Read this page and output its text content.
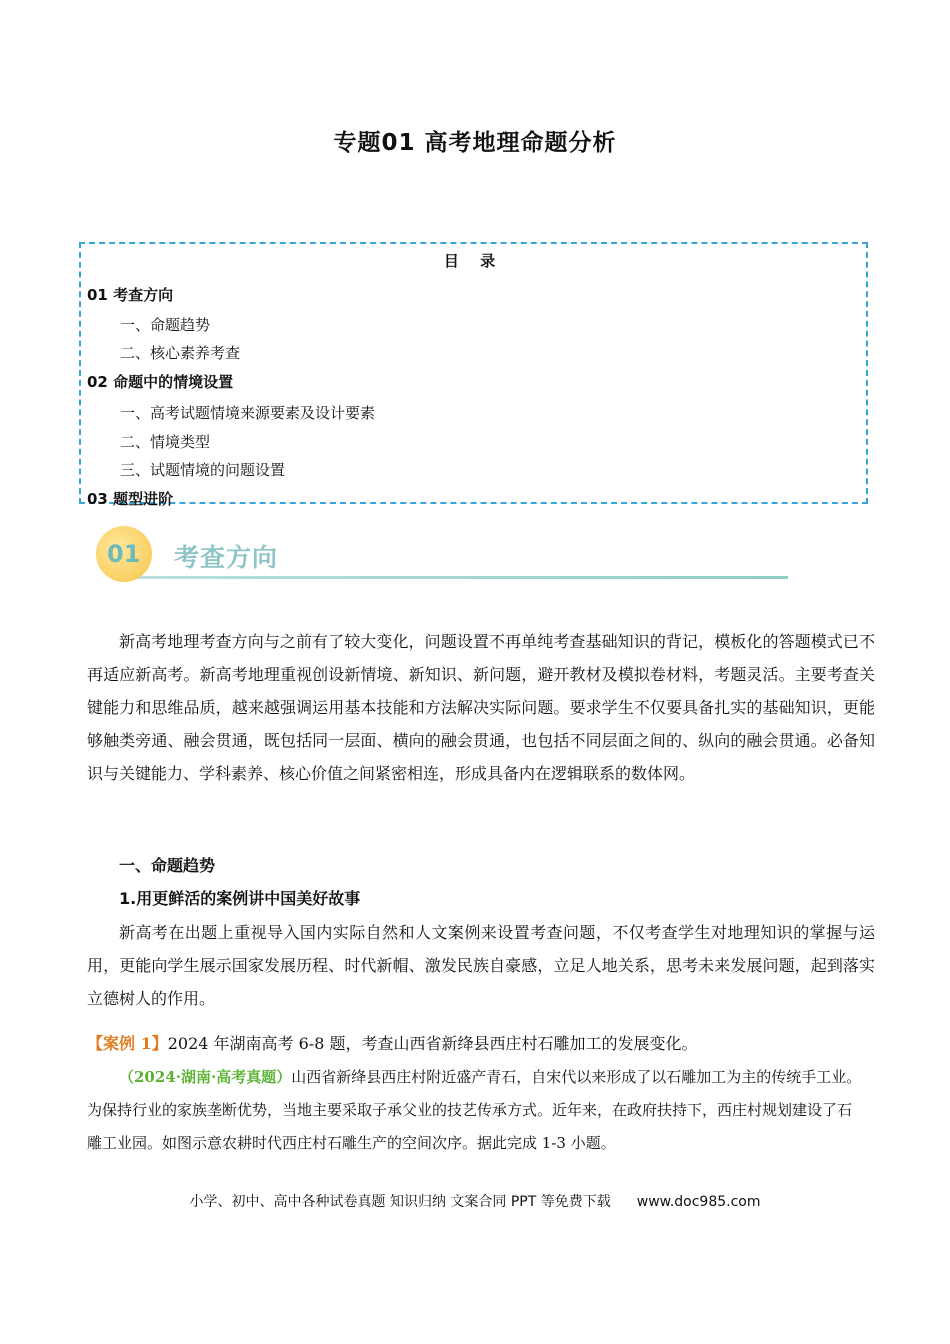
专题01 高考地理命题分析
目 录
01 考查方向
一、命题趋势
二、核心素养考查
02 命题中的情境设置
一、高考试题情境来源要素及设计要素
二、情境类型
三、试题情境的问题设置
03 题型进阶
01 考查方向
新高考地理考查方向与之前有了较大变化，问题设置不再单纯考查基础知识的背记，模板化的答题模式已不再适应新高考。新高考地理重视创设新情境、新知识、新问题，避开教材及模拟卷材料，考题灵活。主要考查关键能力和思维品质，越来越强调运用基本技能和方法解决实际问题。要求学生不仅要具备扎实的基础知识，更能够触类旁通、融会贯通，既包括同一层面、横向的融会贯通，也包括不同层面之间的、纵向的融会贯通。必备知识与关键能力、学科素养、核心价值之间紧密相连，形成具备内在逻辑联系的数体网。
一、命题趋势
1.用更鲜活的案例讲中国美好故事
新高考在出题上重视导入国内实际自然和人文案例来设置考查问题，不仅考查学生对地理知识的掌握与运用，更能向学生展示国家发展历程、时代新帽、激发民族自豪感，立足人地关系，思考未来发展问题，起到落实立德树人的作用。
【案例 1】2024 年湖南高考 6-8 题，考查山西省新绛县西庄村石雕加工的发展变化。
（2024·湖南·高考真题）山西省新绛县西庄村附近盛产青石，自宋代以来形成了以石雕加工为主的传统手工业。为保持行业的家族垄断优势，当地主要采取子承父业的技艺传承方式。近年来，在政府扶持下，西庄村规划建设了石雕工业园。如图示意农耕时代西庄村石雕生产的空间次序。据此完成 1-3 小题。
小学、初中、高中各种试卷真题 知识归纳 文案合同 PPT 等免费下载 www.doc985.com
